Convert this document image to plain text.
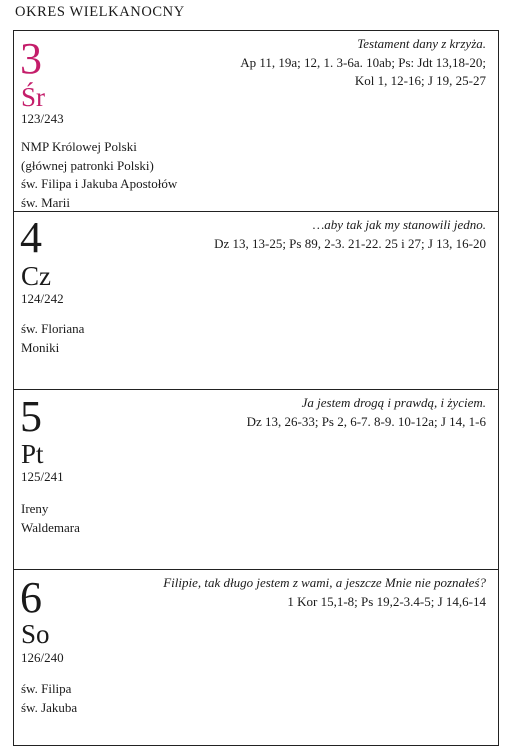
OKRES WIELKANOCNY
3
Śr
123/243
NMP Królowej Polski
(głównej patronki Polski)
św. Filipa i Jakuba Apostołów
św. Marii
Testament dany z krzyża.
Ap 11, 19a; 12, 1. 3-6a. 10ab; Ps: Jdt 13,18-20;
Kol 1, 12-16; J 19, 25-27
4
Cz
124/242
św. Floriana
Moniki
…aby tak jak my stanowili jedno.
Dz 13, 13-25; Ps 89, 2-3. 21-22. 25 i 27; J 13, 16-20
5
Pt
125/241
Ireny
Waldemara
Ja jestem drogą i prawdą, i życiem.
Dz 13, 26-33; Ps 2, 6-7. 8-9. 10-12a; J 14, 1-6
6
So
126/240
św. Filipa
św. Jakuba
Filipie, tak długo jestem z wami, a jeszcze Mnie nie poznałeś?
1 Kor 15,1-8; Ps 19,2-3.4-5; J 14,6-14
